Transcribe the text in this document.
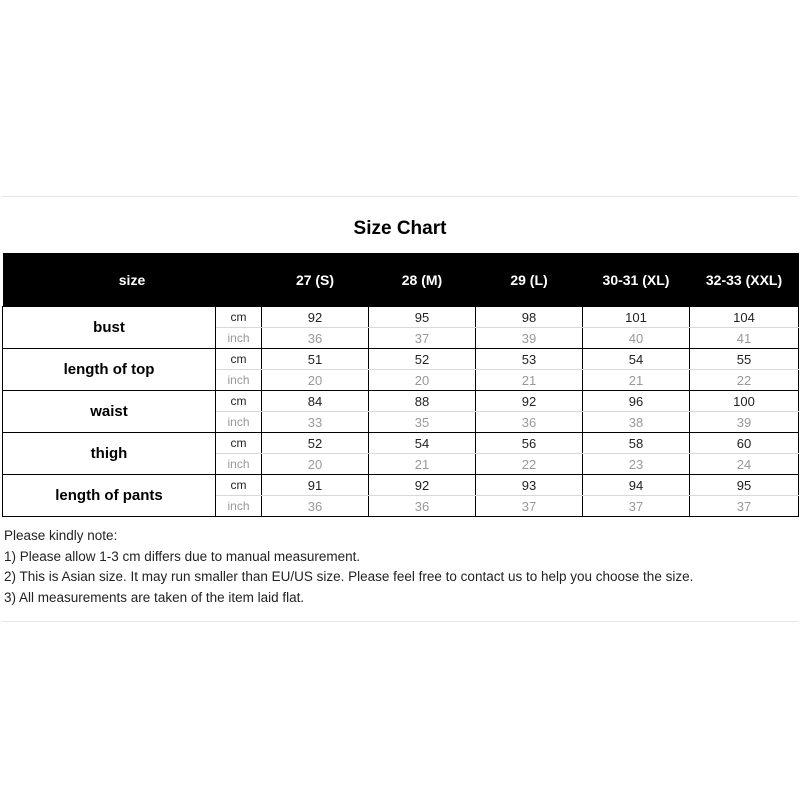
Size Chart
size		27 (S)	28 (M)	29 (L)	30-31 (XL)	32-33 (XXL)
bust	cm	92	95	98	101	104
	inch	36	37	39	40	41
length of top	cm	51	52	53	54	55
	inch	20	20	21	21	22
waist	cm	84	88	92	96	100
	inch	33	35	36	38	39
thigh	cm	52	54	56	58	60
	inch	20	21	22	23	24
length of pants	cm	91	92	93	94	95
	inch	36	36	37	37	37
Please kindly note:
1) Please allow 1-3 cm differs due to manual measurement.
2) This is Asian size. It may run smaller than EU/US size. Please feel free to contact us to help you choose the size.
3) All measurements are taken of the item laid flat.
